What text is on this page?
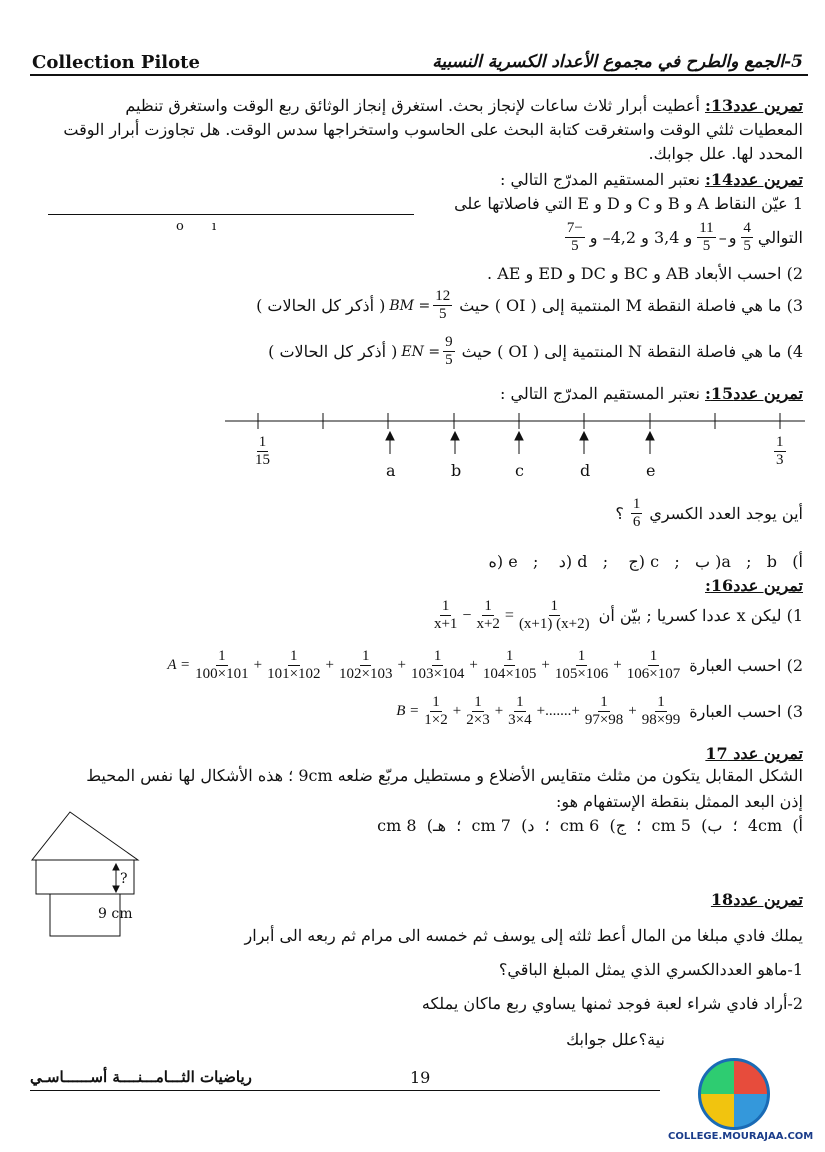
Collection Pilote	5-الجمع والطرح في مجموع الأعداد الكسرية النسبية
تمرين عدد13: أعطيت أبرار ثلاث ساعات لإنجاز بحث. استغرق إنجاز الوثائق ربع الوقت واستغرق تنظيم المعطيات ثلثي الوقت واستغرقت كتابة البحث على الحاسوب واستخراجها سدس الوقت. هل تجاوزت أبرار الوقت المحدد لها. علل جوابك.
تمرين عدد14: نعتبر المستقيم المدرّج التالي :
1 عيّن النقاط A و B و C و D و E التي فاصلاتها على
o ı
التوالي
$\frac{4}{5}$
و
$\frac{11}{5}$ –
و 3,4 و 4,2– و
$\frac{-7}{5}$
2) احسب الأبعاد AB و BC و DC و ED و AE .
3) ما هي فاصلة النقطة M المنتمية إلى ( OI ) حيث
BM = $\frac{12}{5}$
( أذكر كل الحالات )
4) ما هي فاصلة النقطة N المنتمية إلى ( OI ) حيث
EN = $\frac{9}{5}$
( أذكر كل الحالات )
تمرين عدد15: نعتبر المستقيم المدرّج التالي :
$\frac{1}{15}$	$\frac{1}{3}$
a	b	c	d	e
أين يوجد العدد الكسري
$\frac{1}{6}$
؟
أ)   a   ;   b( ب   ;   c (ج    ;   d (د    ;   e (ه
تمرين عدد16:
1) ليكن x عددا كسريا ; بيّن أن
$\frac{1}{x+1} - \frac{1}{x+2} = \frac{1}{(x+1) (x+2)}$
2) احسب العبارة
$A = \frac{1}{100\times 101} + \frac{1}{101\times 102} + \frac{1}{102\times 103} + \frac{1}{103\times 104} + \frac{1}{104\times 105} + \frac{1}{105\times 106} + \frac{1}{106\times 107}$
3) احسب العبارة
$B = \frac{1}{1\times 2} + \frac{1}{2\times 3} + \frac{1}{3\times 4}$ +.......+ $\frac{1}{97\times 98} + \frac{1}{98\times 99}$
تمرين عدد 17
الشكل المقابل يتكون من مثلث متقايس الأضلاع و مستطيل مربّع ضلعه 9cm ؛ هذه الأشكال لها نفس المحيط
إذن البعد الممثل بنقطة الإستفهام هو:
أ)  4cm  ؛  ب)  5 cm  ؛  ج)  6 cm  ؛  د)  7 cm  ؛  هـ)  8 cm
?
9 cm
تمرين عدد18
يملك فادي مبلغا من المال أعط ثلثه إلى يوسف ثم خمسه الى مرام ثم ربعه الى أبرار
1-ماهو العددالكسري الذي يمثل المبلغ الباقي؟
2-أراد فادي شراء لعبة فوجد ثمنها يساوي ربع ماكان يملكه
نية؟علل جوابك
رياضيات الثـــامـــنــــة أســــــاسـي	19
COLLEGE.MOURAJAA.COM
